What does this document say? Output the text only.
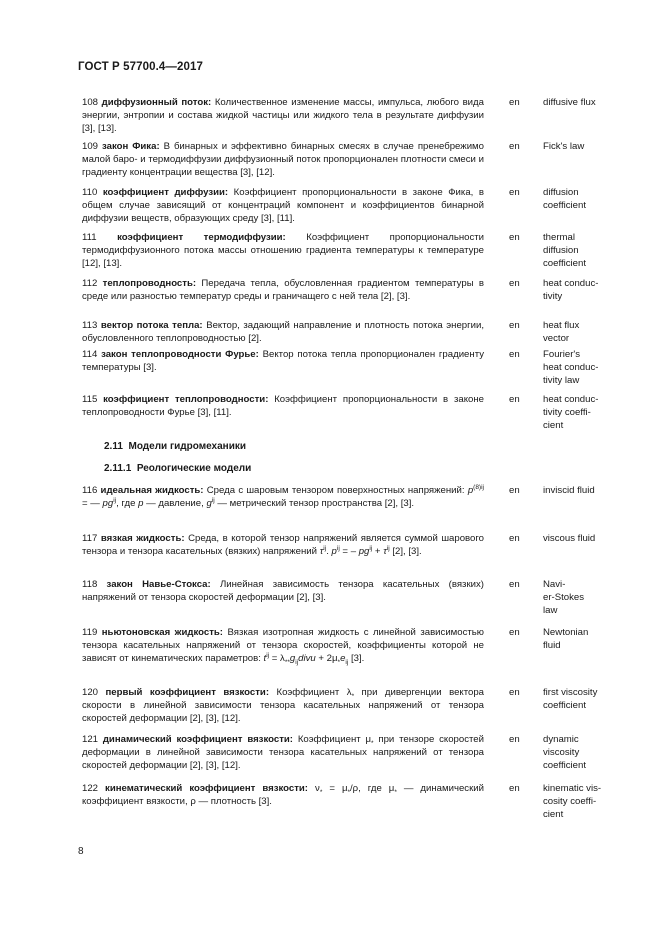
ГОСТ Р 57700.4—2017
108 диффузионный поток: Количественное изменение массы, импульса, любого вида энергии, энтропии и состава жидкой частицы или жидкого тела в результате диффузии [3], [13].
en diffusive flux
109 закон Фика: В бинарных и эффективно бинарных смесях в случае пренебрежимо малой баро- и термодиффузии диффузионный поток пропорционален плотности смеси и градиенту концентрации вещества [3], [12].
en Fick's law
110 коэффициент диффузии: Коэффициент пропорциональности в законе Фика, в общем случае зависящий от концентраций компонент и коэффициентов бинарной диффузии веществ, образующих среду [3], [11].
en diffusion
coefficient
111 коэффициент термодиффузии: Коэффициент пропорциональности термодиффузионного потока массы отношению градиента температуры к температуре [12], [13].
en thermal
diffusion
coefficient
112 теплопроводность: Передача тепла, обусловленная градиентом температуры в среде или разностью температур среды и граничащего с ней тела [2], [3].
en heat conduc-
tivity
113 вектор потока тепла: Вектор, задающий направление и плотность потока энергии, обусловленного теплопроводностью [2].
en heat flux
vector
114 закон теплопроводности Фурье: Вектор потока тепла пропорционален градиенту температуры [3].
en Fourier's
heat conduc-
tivity law
115 коэффициент теплопроводности: Коэффициент пропорциональности в законе теплопроводности Фурье [3], [11].
en heat conduc-
tivity coeffi-
cient
2.11 Модели гидромеханики
2.11.1 Реологические модели
116 идеальная жидкость: Среда с шаровым тензором поверхностных напряжений: $p^{(8)ij}$ = — $pg^{ij}$, где p — давление, $g^{ij}$ — метрический тензор пространства [2], [3].
en inviscid fluid
117 вязкая жидкость: Среда, в которой тензор напряжений является суммой шарового тензора и тензора касательных (вязких) напряжений $\tau^{ij}$. $p^{ij}$ = – $pg^{ij} + \tau^{ij}$ [2], [3].
en viscous fluid
118 закон Навье-Стокса: Линейная зависимость тензора касательных (вязких) напряжений от тензора скоростей деформации [2], [3].
en Navi-
er-Stokes
law
119 ньютоновская жидкость: Вязкая изотропная жидкость с линейной зависимостью тензора касательных напряжений от тензора скоростей, коэффициенты которой не зависят от кинематических параметров: $t^{ij}$ = $\lambda_{**}g_{ij}divu + 2\mu_*e_{ij}$ [3].
en Newtonian
fluid
120 первый коэффициент вязкости: Коэффициент $\lambda_*$ при дивергенции вектора скорости в линейной зависимости тензора касательных напряжений от тензора скоростей деформации [2], [3], [12].
en first viscosity
coefficient
121 динамический коэффициент вязкости: Коэффициент $\mu_*$ при тензоре скоростей деформации в линейной зависимости тензора касательных напряжений от тензора скоростей деформации [2], [3], [12].
en dynamic
viscosity
coefficient
122 кинематический коэффициент вязкости: $\nu_* = \mu_*/\rho$, где $\mu_*$ — динамический коэффициент вязкости, ρ — плотность [3].
en kinematic vis-
cosity coeffi-
cient
8
